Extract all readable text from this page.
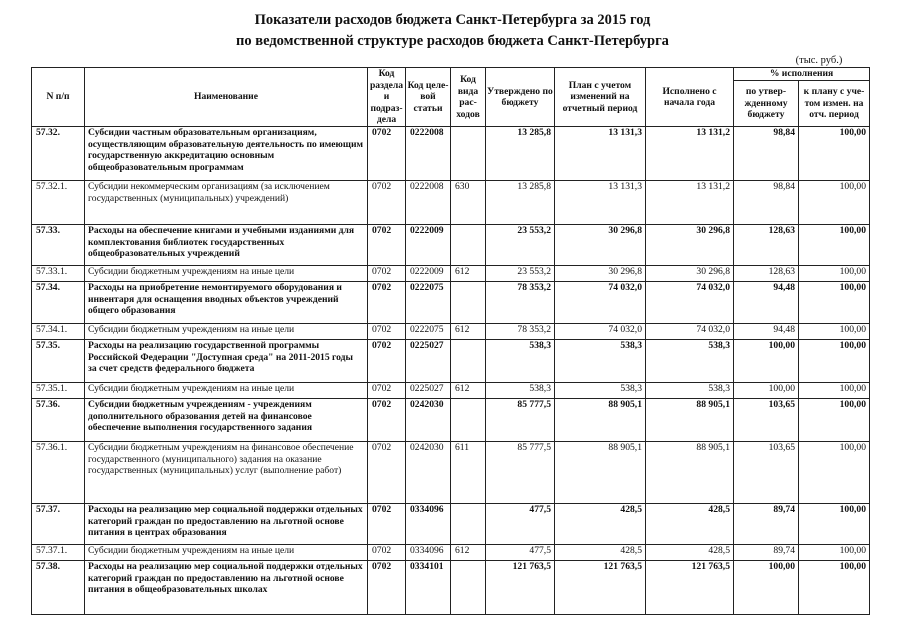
Показатели расходов бюджета Санкт-Петербурга за 2015 год
по ведомственной структуре расходов бюджета Санкт-Петербурга
(тыс. руб.)
N п/п	Наименование	Код раздела и подраз-дела	Код целе-вой статьи	Код вида рас-ходов	Утверждено по бюджету	План с учетом изменений на отчетный период	Исполнено с начала года	% исполнения	
								по утвер-жденному бюджету	к плану с уче-том измен. на отч. период
57.32.	Субсидии частным образовательным организациям, осуществляющим образовательную деятельность по имеющим государственную аккредитацию основным общеобразовательным программам	0702	0222008		13 285,8	13 131,3	13 131,2	98,84	100,00
57.32.1.	Субсидии некоммерческим организациям (за исключением государственных (муниципальных) учреждений)	0702	0222008	630	13 285,8	13 131,3	13 131,2	98,84	100,00
57.33.	Расходы на обеспечение книгами и учебными изданиями для комплектования библиотек государственных общеобразовательных учреждений	0702	0222009		23 553,2	30 296,8	30 296,8	128,63	100,00
57.33.1.	Субсидии бюджетным учреждениям на иные цели	0702	0222009	612	23 553,2	30 296,8	30 296,8	128,63	100,00
57.34.	Расходы на приобретение немонтируемого оборудования и инвентаря для оснащения вводных объектов учреждений общего образования	0702	0222075		78 353,2	74 032,0	74 032,0	94,48	100,00
57.34.1.	Субсидии бюджетным учреждениям на иные цели	0702	0222075	612	78 353,2	74 032,0	74 032,0	94,48	100,00
57.35.	Расходы на реализацию государственной программы Российской Федерации "Доступная среда" на 2011-2015 годы за счет средств федерального бюджета	0702	0225027		538,3	538,3	538,3	100,00	100,00
57.35.1.	Субсидии бюджетным учреждениям на иные цели	0702	0225027	612	538,3	538,3	538,3	100,00	100,00
57.36.	Субсидии бюджетным учреждениям - учреждениям дополнительного образования детей на финансовое обеспечение выполнения государственного задания	0702	0242030		85 777,5	88 905,1	88 905,1	103,65	100,00
57.36.1.	Субсидии бюджетным учреждениям на финансовое обеспечение государственного (муниципального) задания на оказание государственных (муниципальных) услуг (выполнение работ)	0702	0242030	611	85 777,5	88 905,1	88 905,1	103,65	100,00
57.37.	Расходы на реализацию мер социальной поддержки отдельных категорий граждан по предоставлению на льготной основе питания в центрах образования	0702	0334096		477,5	428,5	428,5	89,74	100,00
57.37.1.	Субсидии бюджетным учреждениям на иные цели	0702	0334096	612	477,5	428,5	428,5	89,74	100,00
57.38.	Расходы на реализацию мер социальной поддержки отдельных категорий граждан по предоставлению на льготной основе питания в общеобразовательных школах	0702	0334101		121 763,5	121 763,5	121 763,5	100,00	100,00
